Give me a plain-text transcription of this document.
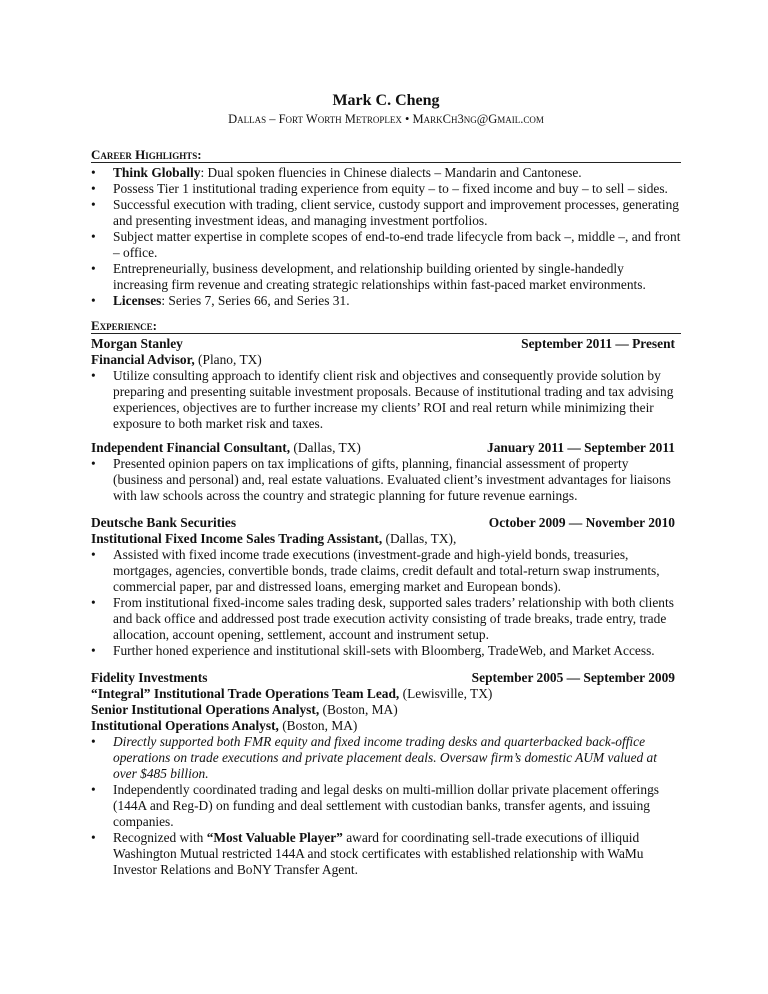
Mark C. Cheng
Dallas – Fort Worth Metroplex • MarkCh3ng@Gmail.com
Career Highlights:
• Think Globally: Dual spoken fluencies in Chinese dialects – Mandarin and Cantonese.
• Possess Tier 1 institutional trading experience from equity – to – fixed income and buy – to sell – sides.
• Successful execution with trading, client service, custody support and improvement processes, generating and presenting investment ideas, and managing investment portfolios.
• Subject matter expertise in complete scopes of end-to-end trade lifecycle from back –, middle –, and front – office.
• Entrepreneurially, business development, and relationship building oriented by single-handedly increasing firm revenue and creating strategic relationships within fast-paced market environments.
• Licenses: Series 7, Series 66, and Series 31.
Experience:
Morgan Stanley	September 2011 — Present
Financial Advisor, (Plano, TX)
• Utilize consulting approach to identify client risk and objectives and consequently provide solution by preparing and presenting suitable investment proposals. Because of institutional trading and tax advising experiences, objectives are to further increase my clients’ ROI and real return while minimizing their exposure to both market risk and taxes.
Independent Financial Consultant, (Dallas, TX)	January 2011 — September 2011
• Presented opinion papers on tax implications of gifts, planning, financial assessment of property (business and personal) and, real estate valuations. Evaluated client’s investment advantages for liaisons with law schools across the country and strategic planning for future revenue earnings.
Deutsche Bank Securities	October 2009 — November 2010
Institutional Fixed Income Sales Trading Assistant, (Dallas, TX),
• Assisted with fixed income trade executions (investment-grade and high-yield bonds, treasuries, mortgages, agencies, convertible bonds, trade claims, credit default and total-return swap instruments, commercial paper, par and distressed loans, emerging market and European bonds).
• From institutional fixed-income sales trading desk, supported sales traders’ relationship with both clients and back office and addressed post trade execution activity consisting of trade breaks, trade entry, trade allocation, account opening, settlement, account and instrument setup.
• Further honed experience and institutional skill-sets with Bloomberg, TradeWeb, and Market Access.
Fidelity Investments	September 2005 — September 2009
“Integral” Institutional Trade Operations Team Lead, (Lewisville, TX)
Senior Institutional Operations Analyst, (Boston, MA)
Institutional Operations Analyst, (Boston, MA)
• Directly supported both FMR equity and fixed income trading desks and quarterbacked back-office operations on trade executions and private placement deals. Oversaw firm’s domestic AUM valued at over $485 billion.
• Independently coordinated trading and legal desks on multi-million dollar private placement offerings (144A and Reg-D) on funding and deal settlement with custodian banks, transfer agents, and issuing companies.
• Recognized with “Most Valuable Player” award for coordinating sell-trade executions of illiquid Washington Mutual restricted 144A and stock certificates with established relationship with WaMu Investor Relations and BoNY Transfer Agent.
